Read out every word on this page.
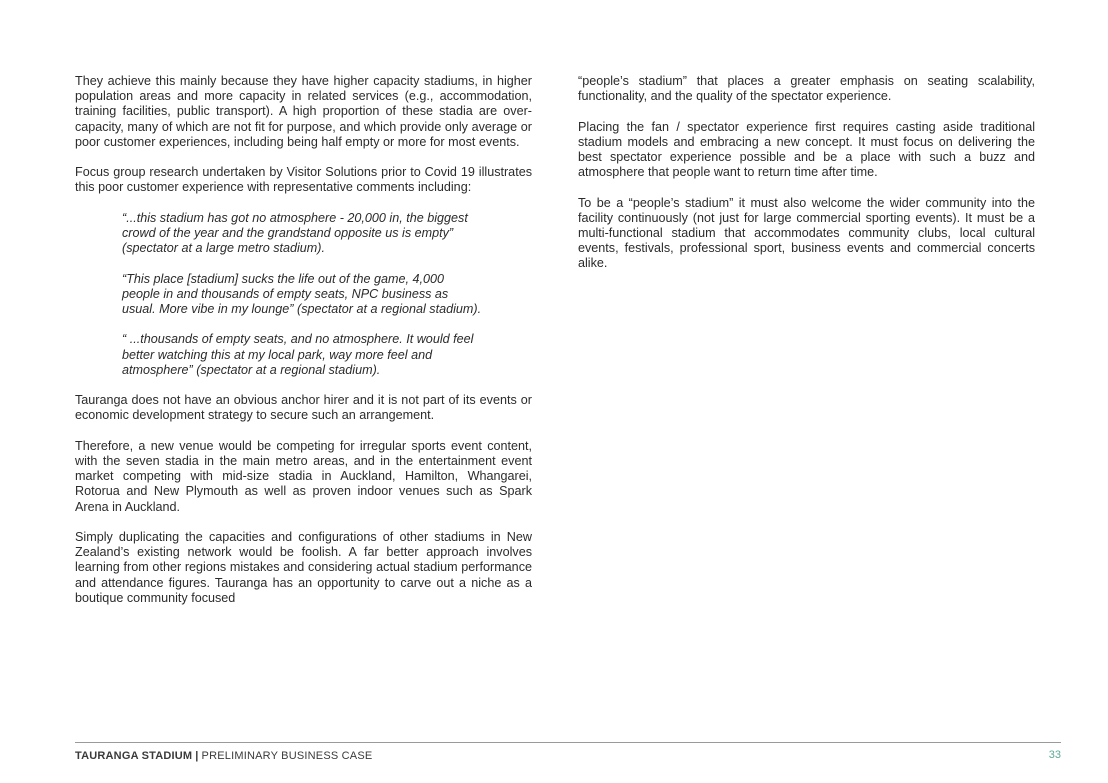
They achieve this mainly because they have higher capacity stadiums, in higher population areas and more capacity in related services (e.g., accommodation, training facilities, public transport). A high proportion of these stadia are over-capacity, many of which are not fit for purpose, and which provide only average or poor customer experiences, including being half empty or more for most events.

Focus group research undertaken by Visitor Solutions prior to Covid 19 illustrates this poor customer experience with representative comments including:

“...this stadium has got no atmosphere - 20,000 in, the biggest crowd of the year and the grandstand opposite us is empty” (spectator at a large metro stadium).

“This place [stadium] sucks the life out of the game, 4,000 people in and thousands of empty seats, NPC business as usual. More vibe in my lounge” (spectator at a regional stadium).

“ ...thousands of empty seats, and no atmosphere. It would feel better watching this at my local park, way more feel and atmosphere” (spectator at a regional stadium).

Tauranga does not have an obvious anchor hirer and it is not part of its events or economic development strategy to secure such an arrangement.

Therefore, a new venue would be competing for irregular sports event content, with the seven stadia in the main metro areas, and in the entertainment event market competing with mid-size stadia in Auckland, Hamilton, Whangarei, Rotorua and New Plymouth as well as proven indoor venues such as Spark Arena in Auckland.

Simply duplicating the capacities and configurations of other stadiums in New Zealand’s existing network would be foolish. A far better approach involves learning from other regions mistakes and considering actual stadium performance and attendance figures. Tauranga has an opportunity to carve out a niche as a boutique community focused

“people’s stadium” that places a greater emphasis on seating scalability, functionality, and the quality of the spectator experience.

Placing the fan / spectator experience first requires casting aside traditional stadium models and embracing a new concept. It must focus on delivering the best spectator experience possible and be a place with such a buzz and atmosphere that people want to return time after time.

To be a “people’s stadium” it must also welcome the wider community into the facility continuously (not just for large commercial sporting events). It must be a multi-functional stadium that accommodates community clubs, local cultural events, festivals, professional sport, business events and commercial concerts alike.

TAURANGA STADIUM | PRELIMINARY BUSINESS CASE	33
